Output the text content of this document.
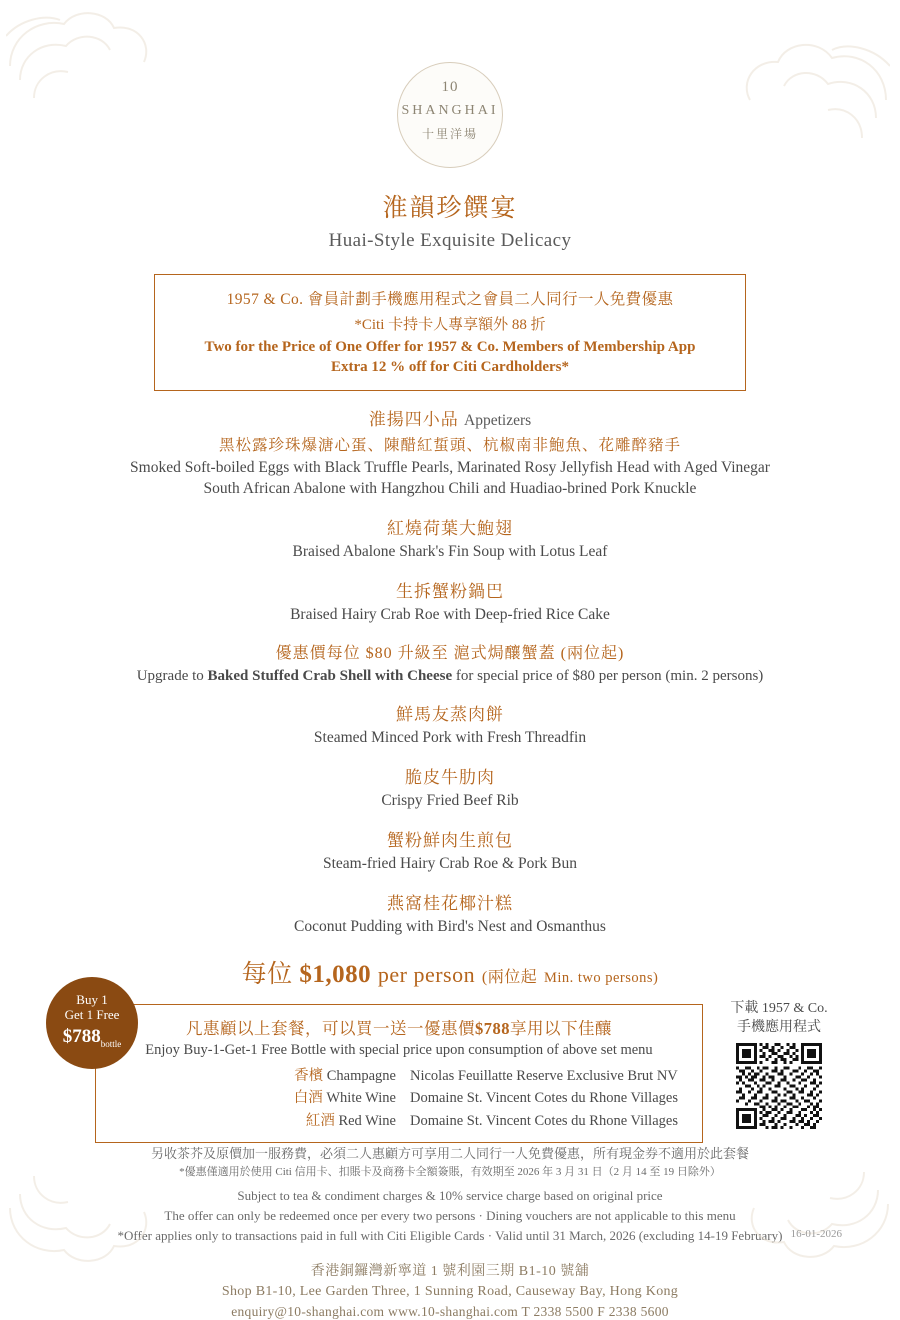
10
SHANGHAI
十里洋場
淮韻珍饌宴
Huai-Style Exquisite Delicacy
1957 & Co. 會員計劃手機應用程式之會員二人同行一人免費優惠
*Citi 卡持卡人專享額外 88 折
Two for the Price of One Offer for 1957 & Co. Members of Membership App
Extra 12 % off for Citi Cardholders*
淮揚四小品 Appetizers
黑松露珍珠爆溏心蛋、陳醋紅蜇頭、杭椒南非鮑魚、花雕醉豬手
Smoked Soft-boiled Eggs with Black Truffle Pearls, Marinated Rosy Jellyfish Head with Aged Vinegar
South African Abalone with Hangzhou Chili and Huadiao-brined Pork Knuckle
紅燒荷葉大鮑翅
Braised Abalone Shark's Fin Soup with Lotus Leaf
生拆蟹粉鍋巴
Braised Hairy Crab Roe with Deep-fried Rice Cake
優惠價每位 $80 升級至 滬式焗釀蟹蓋 (兩位起)
Upgrade to Baked Stuffed Crab Shell with Cheese for special price of $80 per person (min. 2 persons)
鮮馬友蒸肉餅
Steamed Minced Pork with Fresh Threadfin
脆皮牛肋肉
Crispy Fried Beef Rib
蟹粉鮮肉生煎包
Steam-fried Hairy Crab Roe & Pork Bun
燕窩桂花椰汁糕
Coconut Pudding with Bird's Nest and Osmanthus
每位 $1,080 per person (兩位起 Min. two persons)
凡惠顧以上套餐，可以買一送一優惠價$788享用以下佳釀
Enjoy Buy-1-Get-1 Free Bottle with special price upon consumption of above set menu
香檳 Champagne Nicolas Feuillatte Reserve Exclusive Brut NV
白酒 White Wine Domaine St. Vincent Cotes du Rhone Villages
紅酒 Red Wine Domaine St. Vincent Cotes du Rhone Villages
Buy 1
Get 1 Free
$\$788_{bottle}$
下載 1957 & Co.
手機應用程式
另收茶芥及原價加一服務費，必須二人惠顧方可享用二人同行一人免費優惠，所有現金券不適用於此套餐
*優惠僅適用於使用 Citi 信用卡、扣賬卡及商務卡全額簽賬，有效期至 2026 年 3 月 31 日（2 月 14 至 19 日除外）
Subject to tea & condiment charges & 10% service charge based on original price
The offer can only be redeemed once per every two persons · Dining vouchers are not applicable to this menu
*Offer applies only to transactions paid in full with Citi Eligible Cards · Valid until 31 March, 2026 (excluding 14-19 February)
香港銅鑼灣新寧道 1 號利園三期 B1-10 號舖
Shop B1-10, Lee Garden Three, 1 Sunning Road, Causeway Bay, Hong Kong
enquiry@10-shanghai.com www.10-shanghai.com T 2338 5500 F 2338 5600
16-01-2026
